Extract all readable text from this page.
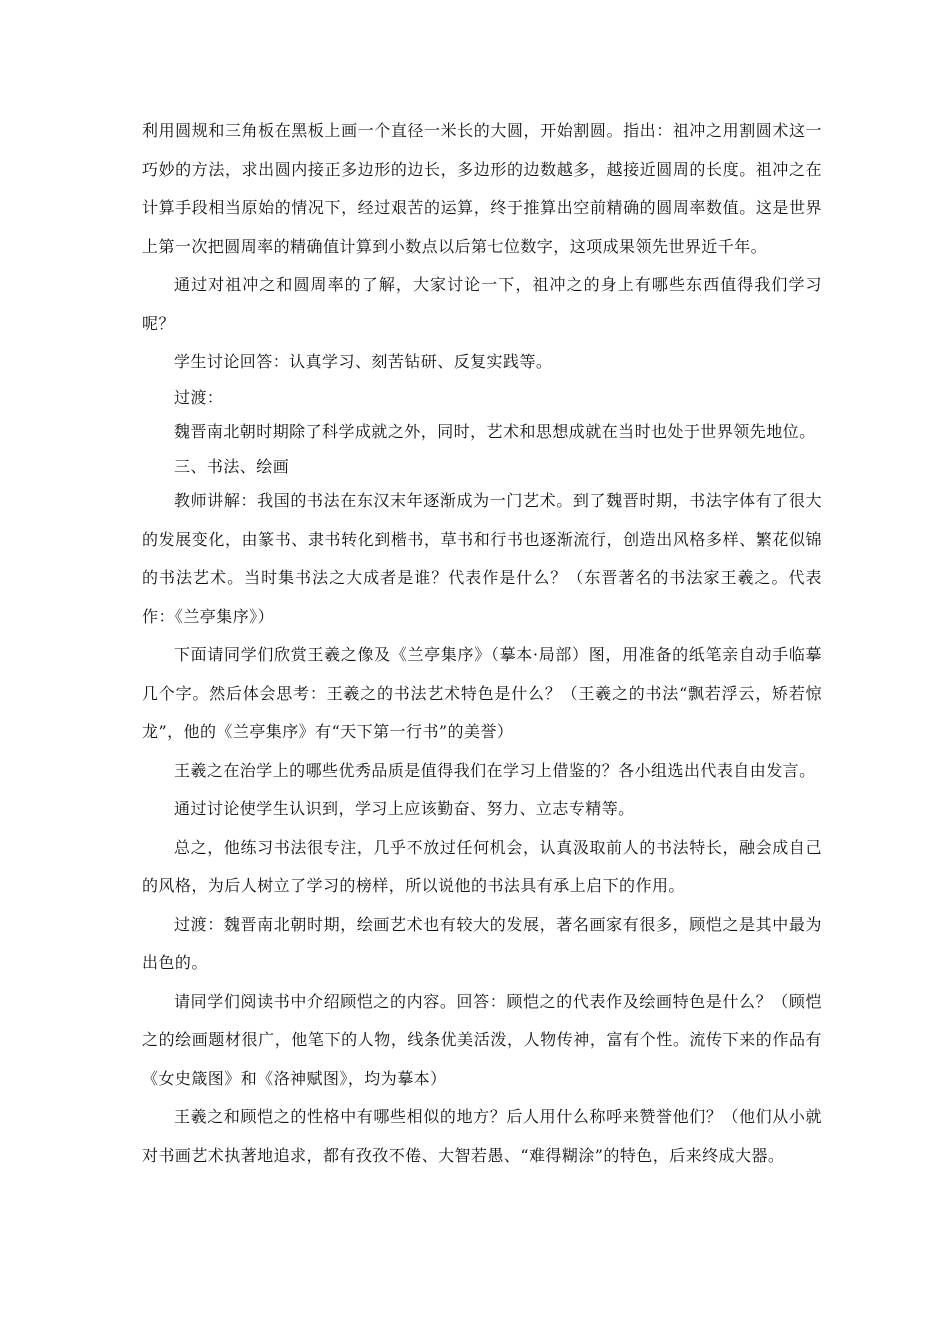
利用圆规和三角板在黑板上画一个直径一米长的大圆，开始割圆。指出：祖冲之用割圆术这一巧妙的方法，求出圆内接正多边形的边长，多边形的边数越多，越接近圆周的长度。祖冲之在计算手段相当原始的情况下，经过艰苦的运算，终于推算出空前精确的圆周率数值。这是世界上第一次把圆周率的精确值计算到小数点以后第七位数字，这项成果领先世界近千年。

通过对祖冲之和圆周率的了解，大家讨论一下，祖冲之的身上有哪些东西值得我们学习呢？

学生讨论回答：认真学习、刻苦钻研、反复实践等。

过渡：

魏晋南北朝时期除了科学成就之外，同时，艺术和思想成就在当时也处于世界领先地位。

三、书法、绘画

教师讲解：我国的书法在东汉末年逐渐成为一门艺术。到了魏晋时期，书法字体有了很大的发展变化，由篆书、隶书转化到楷书，草书和行书也逐渐流行，创造出风格多样、繁花似锦的书法艺术。当时集书法之大成者是谁？代表作是什么？（东晋著名的书法家王羲之。代表作：《兰亭集序》）

下面请同学们欣赏王羲之像及《兰亭集序》（摹本·局部）图，用准备的纸笔亲自动手临摹几个字。然后体会思考：王羲之的书法艺术特色是什么？（王羲之的书法“飘若浮云，矫若惊龙”，他的《兰亭集序》有“天下第一行书”的美誉）

王羲之在治学上的哪些优秀品质是值得我们在学习上借鉴的？各小组选出代表自由发言。

通过讨论使学生认识到，学习上应该勤奋、努力、立志专精等。

总之，他练习书法很专注，几乎不放过任何机会，认真汲取前人的书法特长，融会成自己的风格，为后人树立了学习的榜样，所以说他的书法具有承上启下的作用。

过渡：魏晋南北朝时期，绘画艺术也有较大的发展，著名画家有很多，顾恺之是其中最为出色的。

请同学们阅读书中介绍顾恺之的内容。回答：顾恺之的代表作及绘画特色是什么？（顾恺之的绘画题材很广，他笔下的人物，线条优美活泼，人物传神，富有个性。流传下来的作品有《女史箴图》和《洛神赋图》，均为摹本）

王羲之和顾恺之的性格中有哪些相似的地方？后人用什么称呼来赞誉他们？（他们从小就对书画艺术执著地追求，都有孜孜不倦、大智若愚、“难得糊涂”的特色，后来终成大器。
